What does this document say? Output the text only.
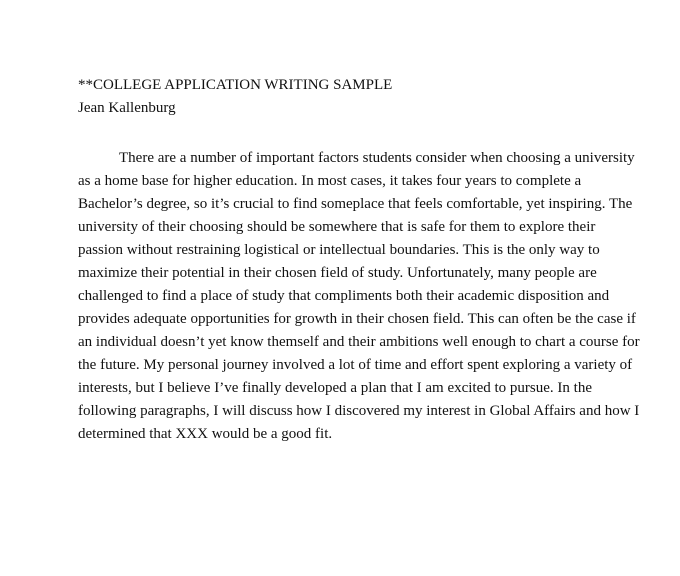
**COLLEGE APPLICATION WRITING SAMPLE

Jean Kallenburg

There are a number of important factors students consider when choosing a university

as a home base for higher education. In most cases, it takes four years to complete a

Bachelor’s degree, so it’s crucial to find someplace that feels comfortable, yet inspiring. The

university of their choosing should be somewhere that is safe for them to explore their

passion without restraining logistical or intellectual boundaries. This is the only way to

maximize their potential in their chosen field of study. Unfortunately, many people are

challenged to find a place of study that compliments both their academic disposition and

provides adequate opportunities for growth in their chosen field. This can often be the case if

an individual doesn’t yet know themself and their ambitions well enough to chart a course for

the future. My personal journey involved a lot of time and effort spent exploring a variety of

interests, but I believe I’ve finally developed a plan that I am excited to pursue. In the

following paragraphs, I will discuss how I discovered my interest in Global Affairs and how I

determined that XXX would be a good fit.
